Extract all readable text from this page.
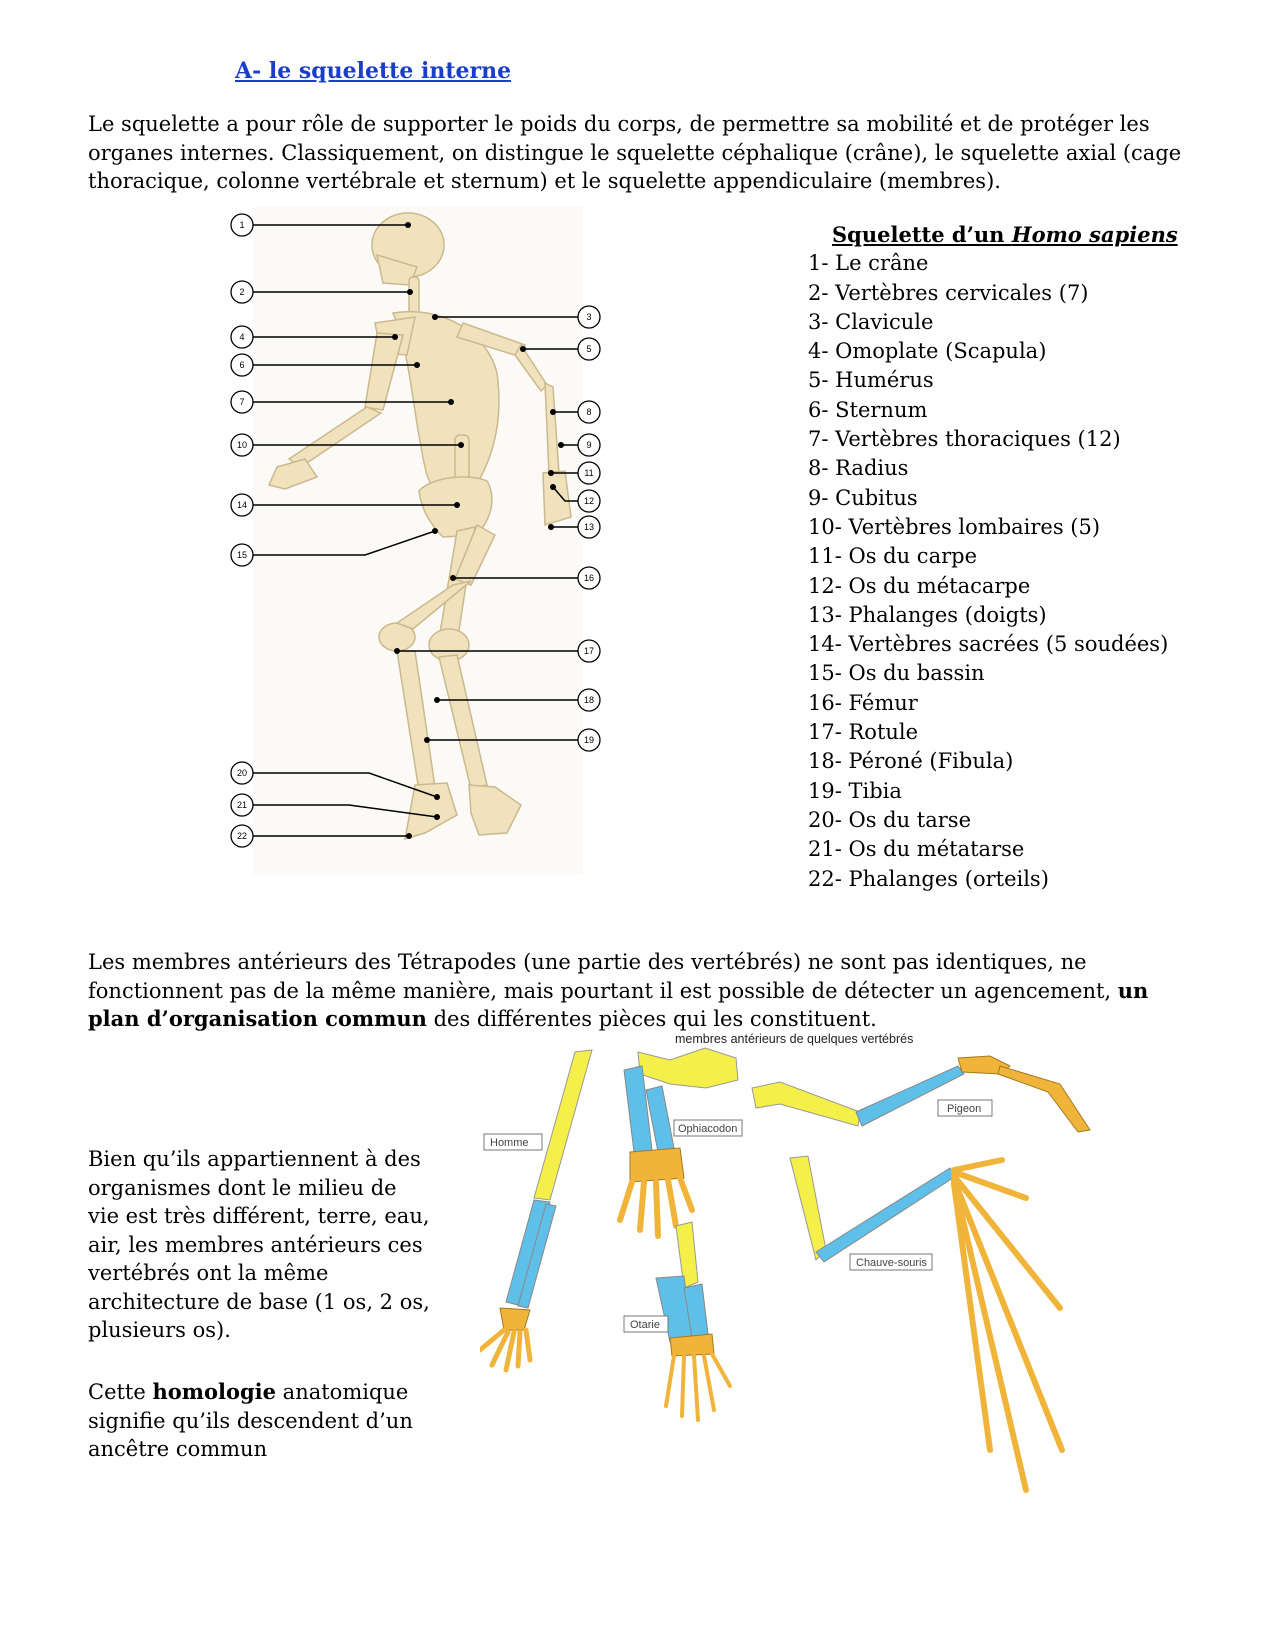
A- le squelette interne
Le squelette a pour rôle de supporter le poids du corps, de permettre sa mobilité et de protéger les organes internes. Classiquement, on distingue le squelette céphalique (crâne), le squelette axial (cage thoracique, colonne vertébrale et sternum) et le squelette appendiculaire (membres).
1
2
3
4
5
6
7
8
9
10
11
12
13
14
15
16
17
18
19
20
21
22
Squelette d’un Homo sapiens
1- Le crâne
2- Vertèbres cervicales (7)
3- Clavicule
4- Omoplate (Scapula)
5- Humérus
6- Sternum
7- Vertèbres thoraciques (12)
8- Radius
9- Cubitus
10- Vertèbres lombaires (5)
11- Os du carpe
12- Os du métacarpe
13- Phalanges (doigts)
14- Vertèbres sacrées (5 soudées)
15- Os du bassin
16- Fémur
17- Rotule
18- Péroné (Fibula)
19- Tibia
20- Os du tarse
21- Os du métatarse
22- Phalanges (orteils)
Les membres antérieurs des Tétrapodes (une partie des vertébrés) ne sont pas identiques, ne fonctionnent pas de la même manière, mais pourtant il est possible de détecter un agencement, un plan d’organisation commun des différentes pièces qui les constituent.
Bien qu’ils appartiennent à des organismes dont le milieu de vie est très différent, terre, eau, air, les membres antérieurs ces vertébrés ont la même architecture de base (1 os, 2 os, plusieurs os).
Cette homologie anatomique signifie qu’ils descendent d’un ancêtre commun
membres antérieurs de quelques vertébrés
Homme
Ophiacodon
Pigeon
Chauve-souris
Otarie
